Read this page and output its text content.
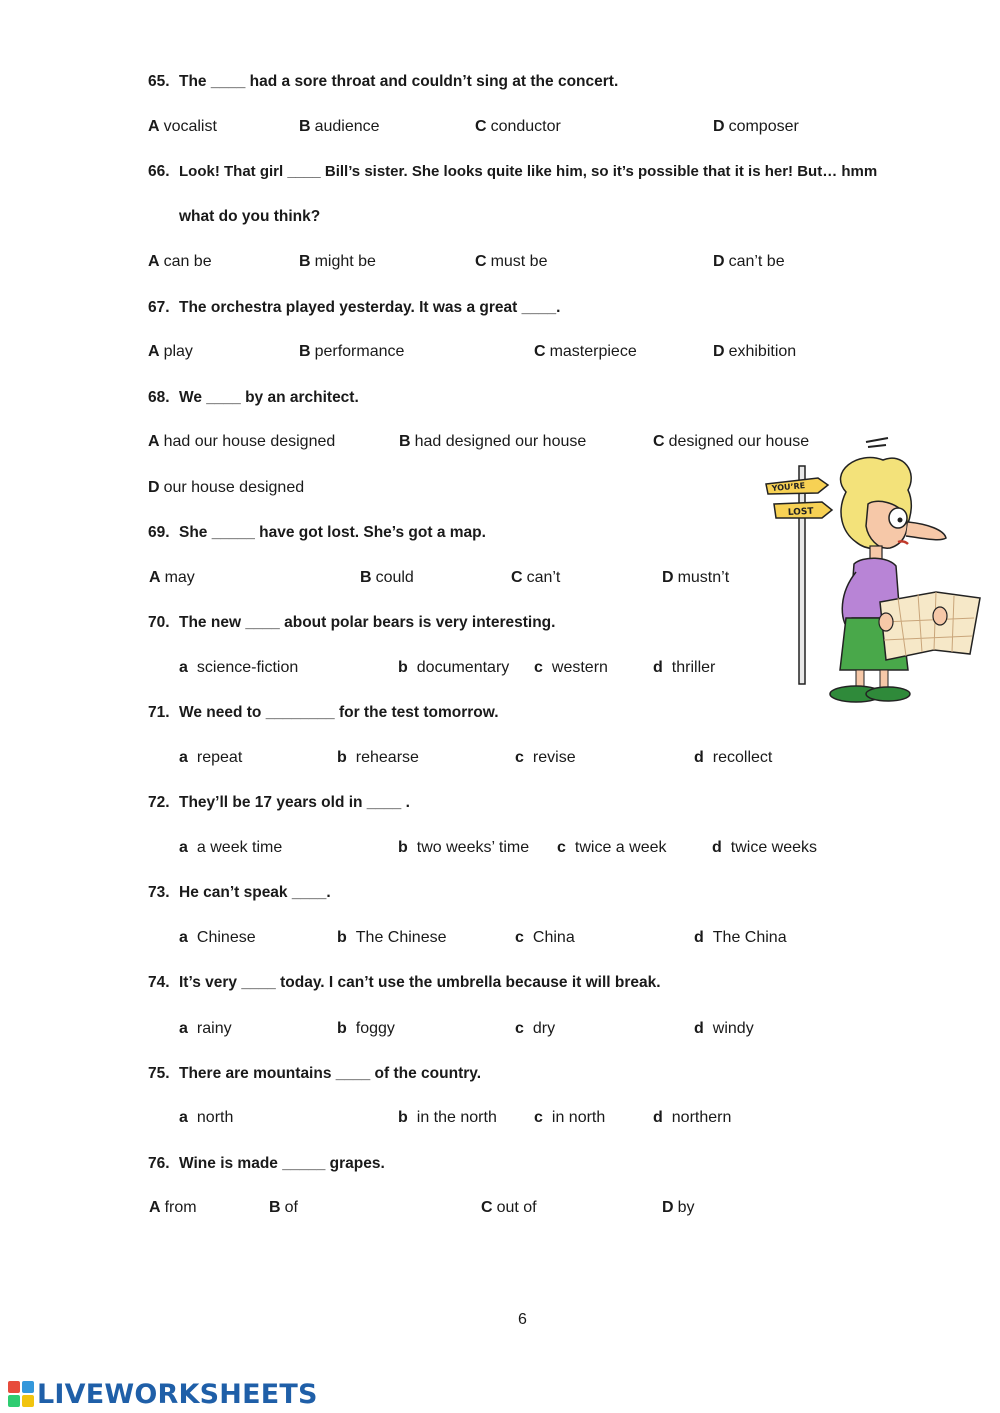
65. The ____ had a sore throat and couldn’t sing at the concert.
A vocalist	B audience	C conductor	D composer
66. Look! That girl ____ Bill’s sister. She looks quite like him, so it’s possible that it is her! But… hmm
what do you think?
A can be	B might be	C must be	D can’t be
67. The orchestra played yesterday. It was a great ____.
A play	B performance	C masterpiece	D exhibition
68. We ____ by an architect.
A had our house designed	B had designed our house	C designed our house
D our house designed
69. She _____ have got lost. She’s got a map.
A may	B could	C can’t	D mustn’t
70. The new ____ about polar bears is very interesting.
a science-fiction	b documentary c western	d thriller
71. We need to ________ for the test tomorrow.
a repeat	b rehearse	c revise	d recollect
72. They’ll be 17 years old in ____ .
a a week time	b two weeks’ time c twice a week	d twice weeks
73. He can’t speak ____.
a Chinese	b The Chinese	c China	d The China
74. It’s very ____ today. I can’t use the umbrella because it will break.
a rainy	b foggy	c dry	d windy
75. There are mountains ____ of the country.
a north	b in the north c in north	d northern
76. Wine is made _____ grapes.
A from	B of	C out of	D by
YOU’RE
LOST
6
LIVEWORKSHEETS
